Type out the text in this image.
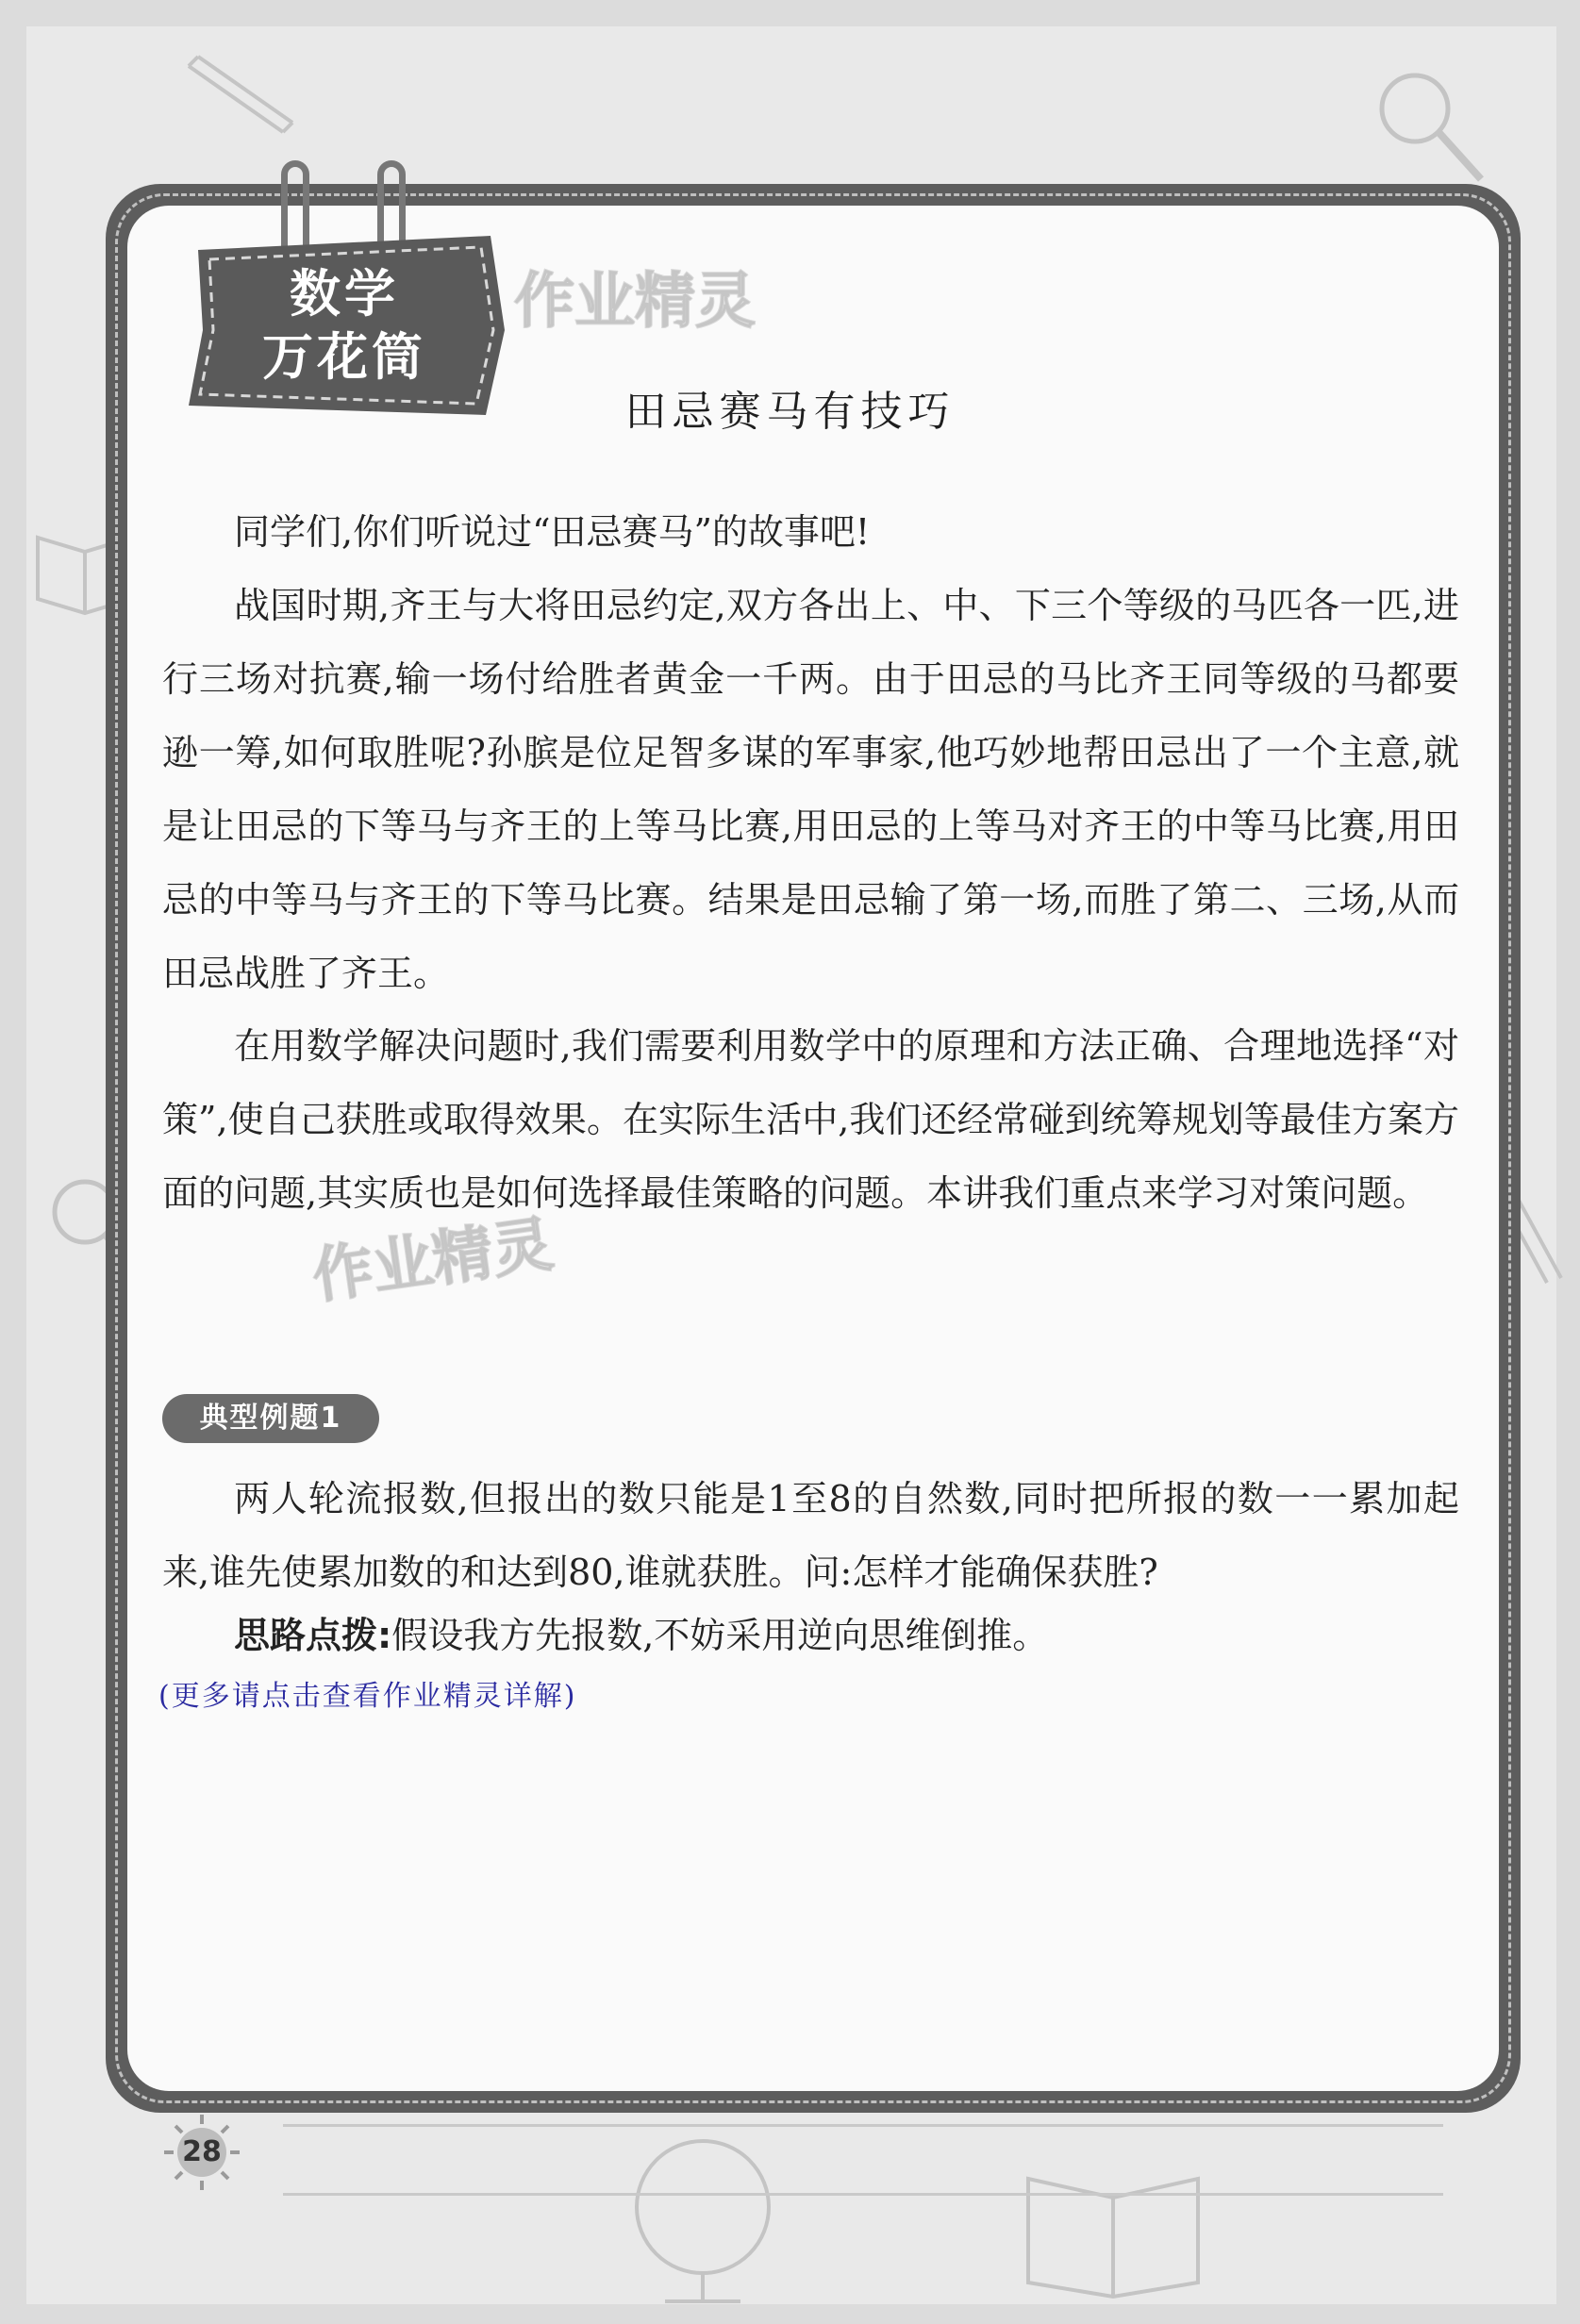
数学
万花筒
作业精灵
作业精灵
田忌赛马有技巧

同学们,你们听说过“田忌赛马”的故事吧!

战国时期,齐王与大将田忌约定,双方各出上、中、下三个等级的马匹各一匹,进行三场对抗赛,输一场付给胜者黄金一千两。由于田忌的马比齐王同等级的马都要逊一筹,如何取胜呢?孙膑是位足智多谋的军事家,他巧妙地帮田忌出了一个主意,就是让田忌的下等马与齐王的上等马比赛,用田忌的上等马对齐王的中等马比赛,用田忌的中等马与齐王的下等马比赛。结果是田忌输了第一场,而胜了第二、三场,从而田忌战胜了齐王。

在用数学解决问题时,我们需要利用数学中的原理和方法正确、合理地选择“对策”,使自己获胜或取得效果。在实际生活中,我们还经常碰到统筹规划等最佳方案方面的问题,其实质也是如何选择最佳策略的问题。本讲我们重点来学习对策问题。

典型例题1

两人轮流报数,但报出的数只能是1至8的自然数,同时把所报的数一一累加起来,谁先使累加数的和达到80,谁就获胜。问:怎样才能确保获胜?

思路点拨:假设我方先报数,不妨采用逆向思维倒推。

(更多请点击查看作业精灵详解)
28
